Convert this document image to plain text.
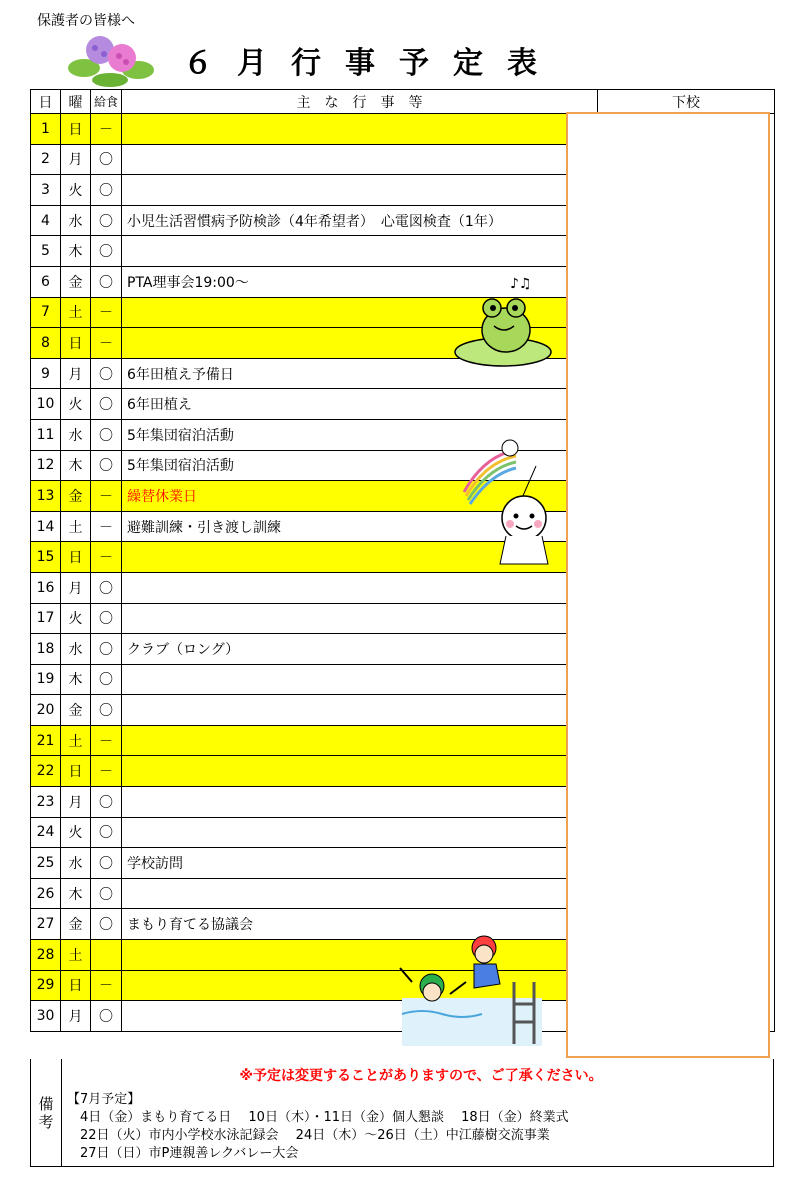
保護者の皆様へ
６月行事予定表
日	曜	給食	主　な　行　事　等	下校
1	日	－		
2	月	〇		
3	火	〇		
4	水	〇	小児生活習慣病予防検診（4年希望者）　心電図検査（1年）	
5	木	〇		
6	金	〇	PTA理事会19:00～	
7	土	－		
8	日	－		
9	月	〇	6年田植え予備日	
10	火	〇	6年田植え	
11	水	〇	5年集団宿泊活動	
12	木	〇	5年集団宿泊活動	
13	金	－	繰替休業日	
14	土	－	避難訓練・引き渡し訓練	
15	日	－		
16	月	〇		
17	火	〇		
18	水	〇	クラブ（ロング）	
19	木	〇		
20	金	〇		
21	土	－		
22	日	－		
23	月	〇		
24	火	〇		
25	水	〇	学校訪問	
26	木	〇		
27	金	〇	まもり育てる協議会	
28	土			
29	日	－		
30	月	〇		
♪♫
備
考
※予定は変更することがありますので、ご了承ください。
【7月予定】
　4日（金）まもり育てる日　 10日（木）・11日（金）個人懇談　 18日（金）終業式
　22日（火）市内小学校水泳記録会　 24日（木）～26日（土）中江藤樹交流事業
　27日（日）市P連親善レクバレー大会
